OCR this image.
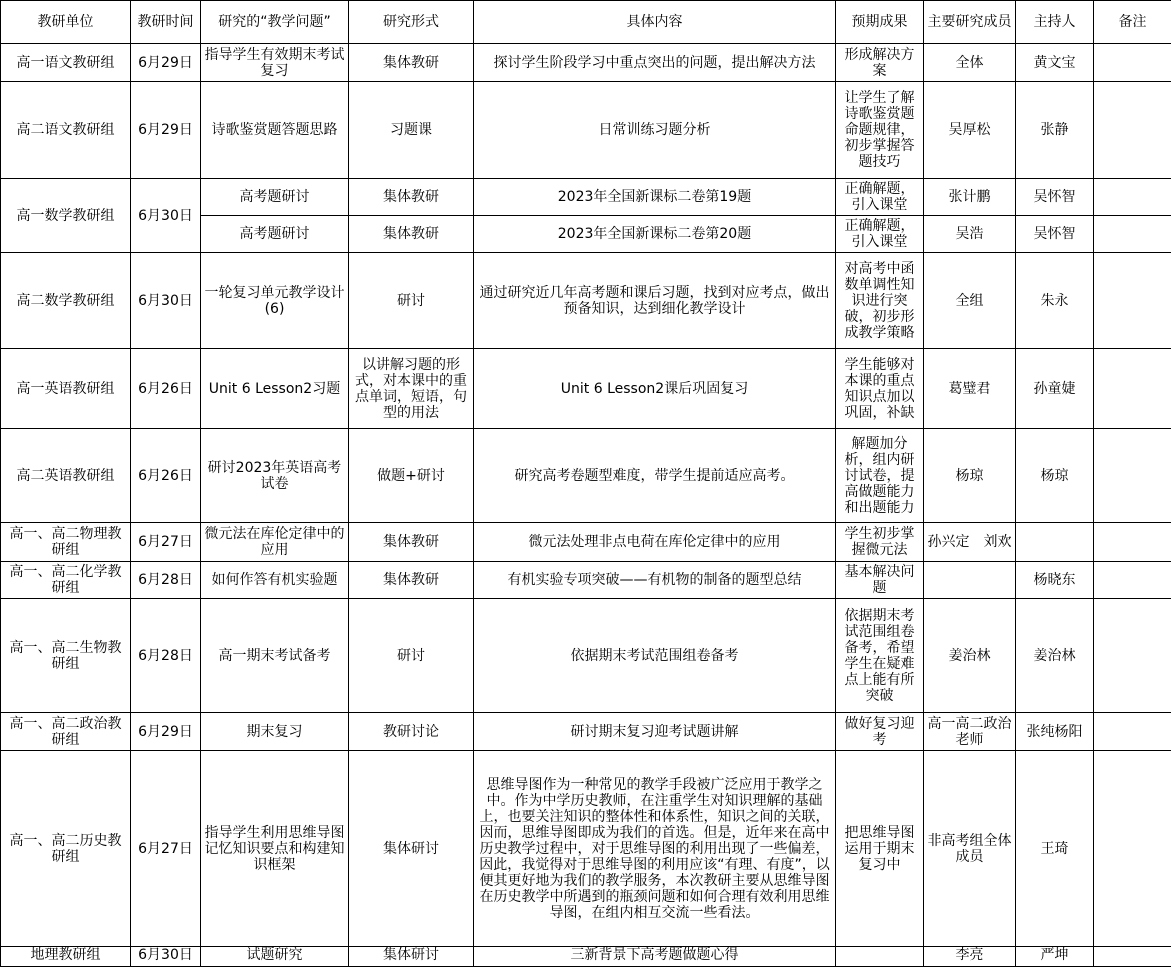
教研单位	教研时间	研究的“教学问题”	研究形式	具体内容	预期成果	主要研究成员	主持人	备注
高一语文教研组	6月29日	指导学生有效期末考试复习	集体教研	探讨学生阶段学习中重点突出的问题，提出解决方法	形成解决方案	全体	黄文宝	
高二语文教研组	6月29日	诗歌鉴赏题答题思路	习题课	日常训练习题分析	让学生了解诗歌鉴赏题命题规律，初步掌握答题技巧	吴厚松	张静	
高一数学教研组	6月30日	高考题研讨	集体教研	2023年全国新课标二卷第19题	正确解题，引入课堂	张计鹏	吴怀智	
		高考题研讨	集体教研	2023年全国新课标二卷第20题	正确解题，引入课堂	吴浩	吴怀智	
高二数学教研组	6月30日	一轮复习单元教学设计(6)	研讨	通过研究近几年高考题和课后习题，找到对应考点，做出预备知识，达到细化教学设计	对高考中函数单调性知识进行突破，初步形成教学策略	全组	朱永	
高一英语教研组	6月26日	Unit 6 Lesson2习题	以讲解习题的形式，对本课中的重点单词，短语，句型的用法	Unit 6 Lesson2课后巩固复习	学生能够对本课的重点知识点加以巩固，补缺	葛璧君	孙童婕	
高二英语教研组	6月26日	研讨2023年英语高考试卷	做题+研讨	研究高考卷题型难度，带学生提前适应高考。	解题加分析，组内研讨试卷，提高做题能力和出题能力	杨琼	杨琼	

高一、高二物理教研组	6月27日	微元法在库伦定律中的应用	集体教研	微元法处理非点电荷在库伦定律中的应用	学生初步掌握微元法	孙兴定　刘欢		

高一、高二化学教研组	6月28日	如何作答有机实验题	集体教研	有机实验专项突破——有机物的制备的题型总结	基本解决问题		杨晓东	
高一、高二生物教研组	6月28日	高一期末考试备考	研讨	依据期末考试范围组卷备考	依据期末考试范围组卷备考，希望学生在疑难点上能有所突破	姜治林	姜治林	

高一、高二政治教研组	6月29日	期末复习	教研讨论	研讨期末复习迎考试题讲解	做好复习迎考	高一高二政治老师	张纯杨阳	
高一、高二历史教研组	6月27日	指导学生利用思维导图记忆知识要点和构建知识框架	集体研讨	思维导图作为一种常见的教学手段被广泛应用于教学之中。作为中学历史教师，在注重学生对知识理解的基础上，也要关注知识的整体性和体系性，知识之间的关联，因而，思维导图即成为我们的首选。但是，近年来在高中历史教学过程中，对于思维导图的利用出现了一些偏差，因此，我觉得对于思维导图的利用应该“有理、有度”，以便其更好地为我们的教学服务，本次教研主要从思维导图在历史教学中所遇到的瓶颈问题和如何合理有效利用思维导图，在组内相互交流一些看法。	把思维导图运用于期末复习中	非高考组全体成员	王琦	

地理教研组	6月30日	试题研究	集体研讨	三新背景下高考题做题心得		李亮	严坤	
